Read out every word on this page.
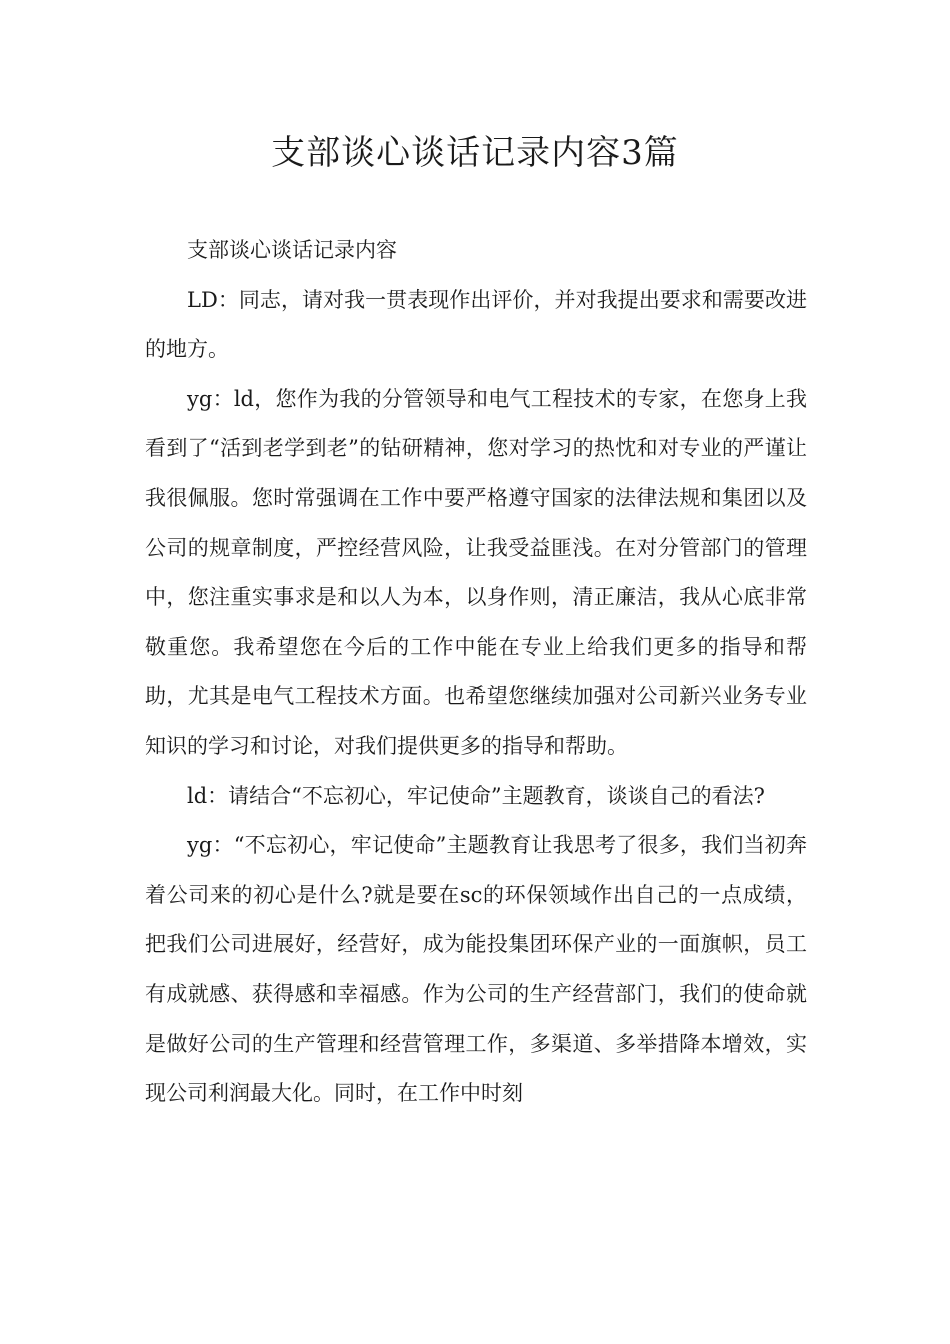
支部谈心谈话记录内容3篇

支部谈心谈话记录内容

LD：同志，请对我一贯表现作出评价，并对我提出要求和需要改进的地方。

yg：ld，您作为我的分管领导和电气工程技术的专家，在您身上我看到了“活到老学到老”的钻研精神，您对学习的热忱和对专业的严谨让我很佩服。您时常强调在工作中要严格遵守国家的法律法规和集团以及公司的规章制度，严控经营风险，让我受益匪浅。在对分管部门的管理中，您注重实事求是和以人为本，以身作则，清正廉洁，我从心底非常敬重您。我希望您在今后的工作中能在专业上给我们更多的指导和帮助，尤其是电气工程技术方面。也希望您继续加强对公司新兴业务专业知识的学习和讨论，对我们提供更多的指导和帮助。

ld：请结合“不忘初心，牢记使命”主题教育，谈谈自己的看法?

yg：“不忘初心，牢记使命”主题教育让我思考了很多，我们当初奔着公司来的初心是什么?就是要在sc的环保领域作出自己的一点成绩，把我们公司进展好，经营好，成为能投集团环保产业的一面旗帜，员工有成就感、获得感和幸福感。作为公司的生产经营部门，我们的使命就是做好公司的生产管理和经营管理工作，多渠道、多举措降本增效，实现公司利润最大化。同时，在工作中时刻
